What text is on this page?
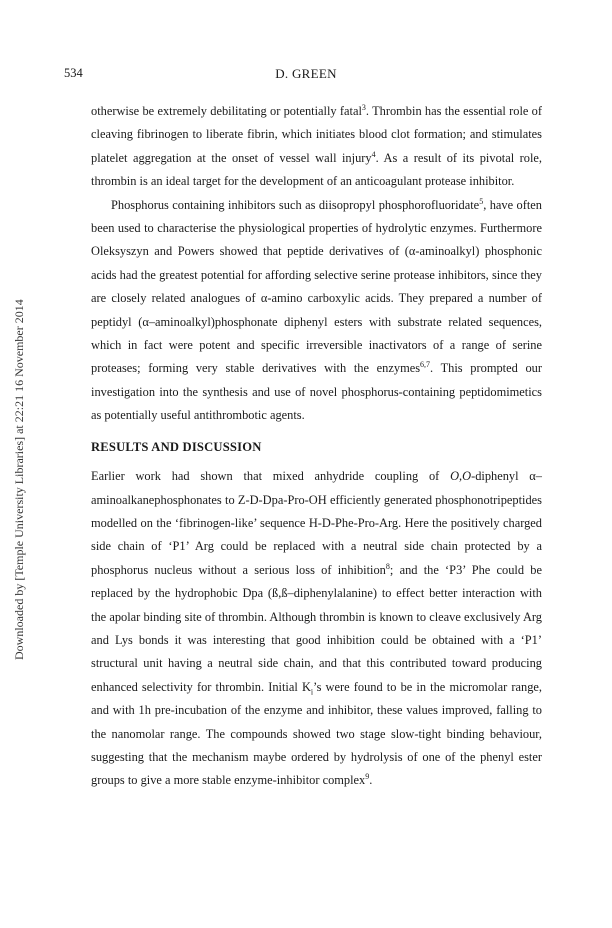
534	D. GREEN
Downloaded by [Temple University Libraries] at 22:21 16 November 2014

otherwise be extremely debilitating or potentially fatal$^3$. Thrombin has the essential role of cleaving fibrinogen to liberate fibrin, which initiates blood clot formation; and stimulates platelet aggregation at the onset of vessel wall injury$^4$. As a result of its pivotal role, thrombin is an ideal target for the development of an anticoagulant protease inhibitor.

Phosphorus containing inhibitors such as diisopropyl phosphorofluoridate$^5$, have often been used to characterise the physiological properties of hydrolytic enzymes. Furthermore Oleksyszyn and Powers showed that peptide derivatives of (α-aminoalkyl) phosphonic acids had the greatest potential for affording selective serine protease inhibitors, since they are closely related analogues of α-amino carboxylic acids. They prepared a number of peptidyl (α–aminoalkyl)phosphonate diphenyl esters with substrate related sequences, which in fact were potent and specific irreversible inactivators of a range of serine proteases; forming very stable derivatives with the enzymes$^{6,7}$. This prompted our investigation into the synthesis and use of novel phosphorus-containing peptidomimetics as potentially useful antithrombotic agents.

RESULTS AND DISCUSSION

Earlier work had shown that mixed anhydride coupling of O,O-diphenyl α–aminoalkanephosphonates to Z-D-Dpa-Pro-OH efficiently generated phosphonotripeptides modelled on the ‘fibrinogen-like’ sequence H-D-Phe-Pro-Arg. Here the positively charged side chain of ‘P1’ Arg could be replaced with a neutral side chain protected by a phosphorus nucleus without a serious loss of inhibition$^8$; and the ‘P3’ Phe could be replaced by the hydrophobic Dpa (ß,ß–diphenylalanine) to effect better interaction with the apolar binding site of thrombin. Although thrombin is known to cleave exclusively Arg and Lys bonds it was interesting that good inhibition could be obtained with a ‘P1’ structural unit having a neutral side chain, and that this contributed toward producing enhanced selectivity for thrombin. Initial $K_i’s$ were found to be in the micromolar range, and with 1h pre-incubation of the enzyme and inhibitor, these values improved, falling to the nanomolar range. The compounds showed two stage slow-tight binding behaviour, suggesting that the mechanism maybe ordered by hydrolysis of one of the phenyl ester groups to give a more stable enzyme-inhibitor complex$^9$.
